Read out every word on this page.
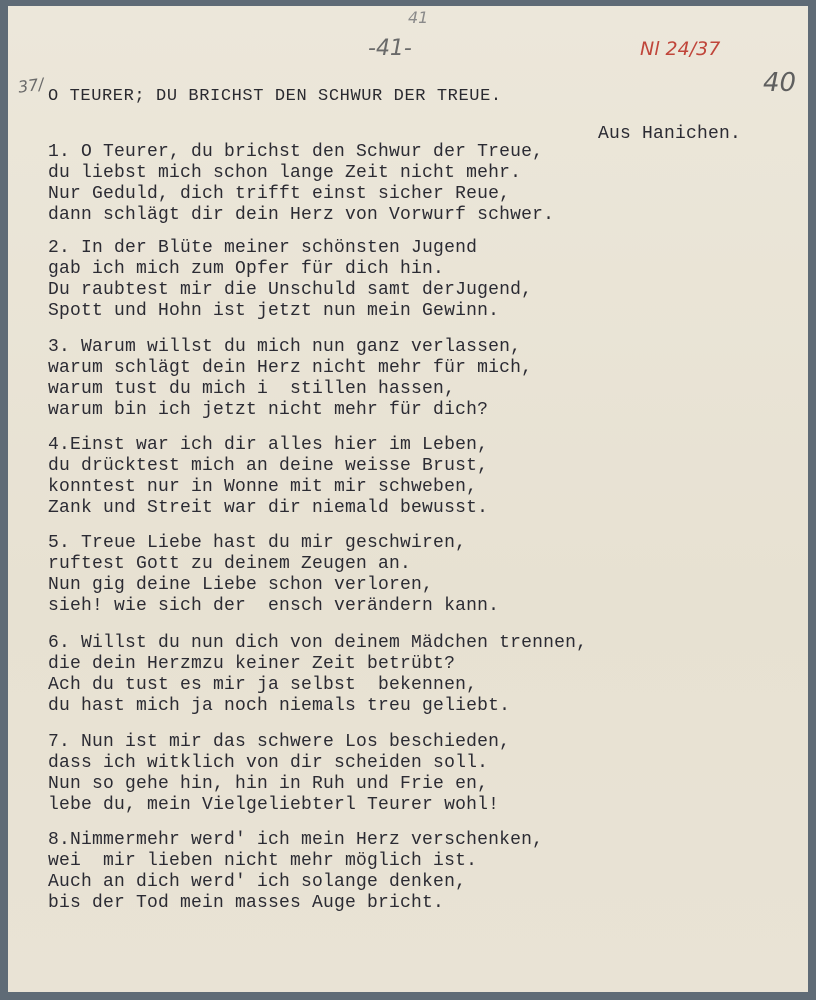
41
-41-
37/	40
Nl 24/37
O TEURER; DU BRICHST DEN SCHWUR DER TREUE.
Aus Hanichen.
1. O Teurer, du brichst den Schwur der Treue,
du liebst mich schon lange Zeit nicht mehr.
Nur Geduld, dich trifft einst sicher Reue,
dann schlägt dir dein Herz von Vorwurf schwer.
2. In der Blüte meiner schönsten Jugend
gab ich mich zum Opfer für dich hin.
Du raubtest mir die Unschuld samt derJugend,
Spott und Hohn ist jetzt nun mein Gewinn.
3. Warum willst du mich nun ganz verlassen,
warum schlägt dein Herz nicht mehr für mich,
warum tust du mich i  stillen hassen,
warum bin ich jetzt nicht mehr für dich?
4.Einst war ich dir alles hier im Leben,
du drücktest mich an deine weisse Brust,
konntest nur in Wonne mit mir schweben,
Zank und Streit war dir niemald bewusst.
5. Treue Liebe hast du mir geschwiren,
ruftest Gott zu deinem Zeugen an.
Nun gig deine Liebe schon verloren,
sieh! wie sich der  ensch verändern kann.
6. Willst du nun dich von deinem Mädchen trennen,
die dein Herzmzu keiner Zeit betrübt?
Ach du tust es mir ja selbst  bekennen,
du hast mich ja noch niemals treu geliebt.
7. Nun ist mir das schwere Los beschieden,
dass ich witklich von dir scheiden soll.
Nun so gehe hin, hin in Ruh und Frie en,
lebe du, mein Vielgeliebterl Teurer wohl!
8.Nimmermehr werd' ich mein Herz verschenken,
wei  mir lieben nicht mehr möglich ist.
Auch an dich werd' ich solange denken,
bis der Tod mein masses Auge bricht.
